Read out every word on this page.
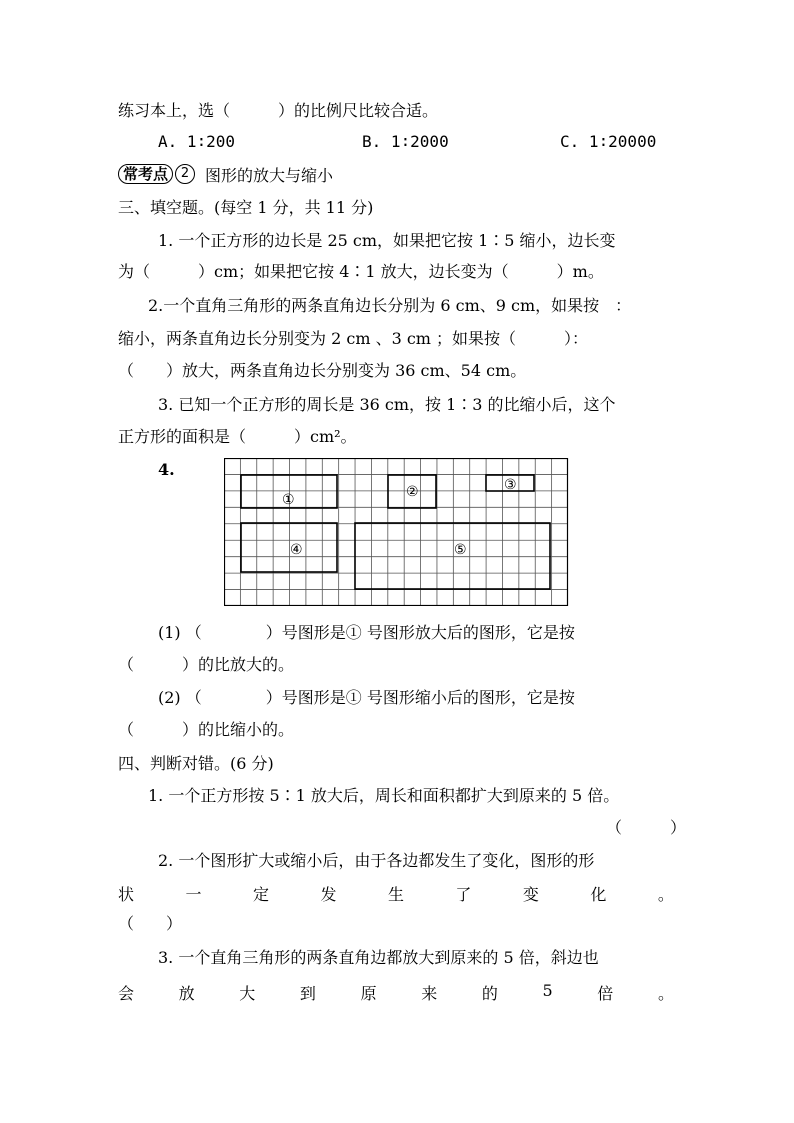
练习本上，选（　　　）的比例尺比较合适。
A. 1∶200	B. 1∶2000	C. 1∶20000
常考点 2 图形的放大与缩小
三、填空题。(每空 1 分，共 11 分)
1. 一个正方形的边长是 25 cm，如果把它按 1∶5 缩小，边长变
为（　　　）cm；如果把它按 4∶1 放大，边长变为（　　　）m。
2.一个直角三角形的两条直角边长分别为 6 cm、9 cm，如果按　：
缩小，两条直角边长分别变为 2 cm 、3 cm ；如果按（　　　）：
（　　）放大，两条直角边长分别变为 36 cm、54 cm。
3. 已知一个正方形的周长是 36 cm，按 1∶3 的比缩小后，这个
正方形的面积是（　　　）cm²。
4.
①	②	③
④	⑤
(1) （　　　　）号图形是① 号图形放大后的图形，它是按
（　　　）的比放大的。
(2) （　　　　）号图形是① 号图形缩小后的图形，它是按
（　　　）的比缩小的。
四、判断对错。(6 分)
1. 一个正方形按 5∶1 放大后，周长和面积都扩大到原来的 5 倍。
（　　　）
2. 一个图形扩大或缩小后，由于各边都发生了变化，图形的形
状	一	定	发	生	了	变	化	。
（　　）
3. 一个直角三角形的两条直角边都放大到原来的 5 倍，斜边也
会	放	大	到	原	来	的	5	倍	。
